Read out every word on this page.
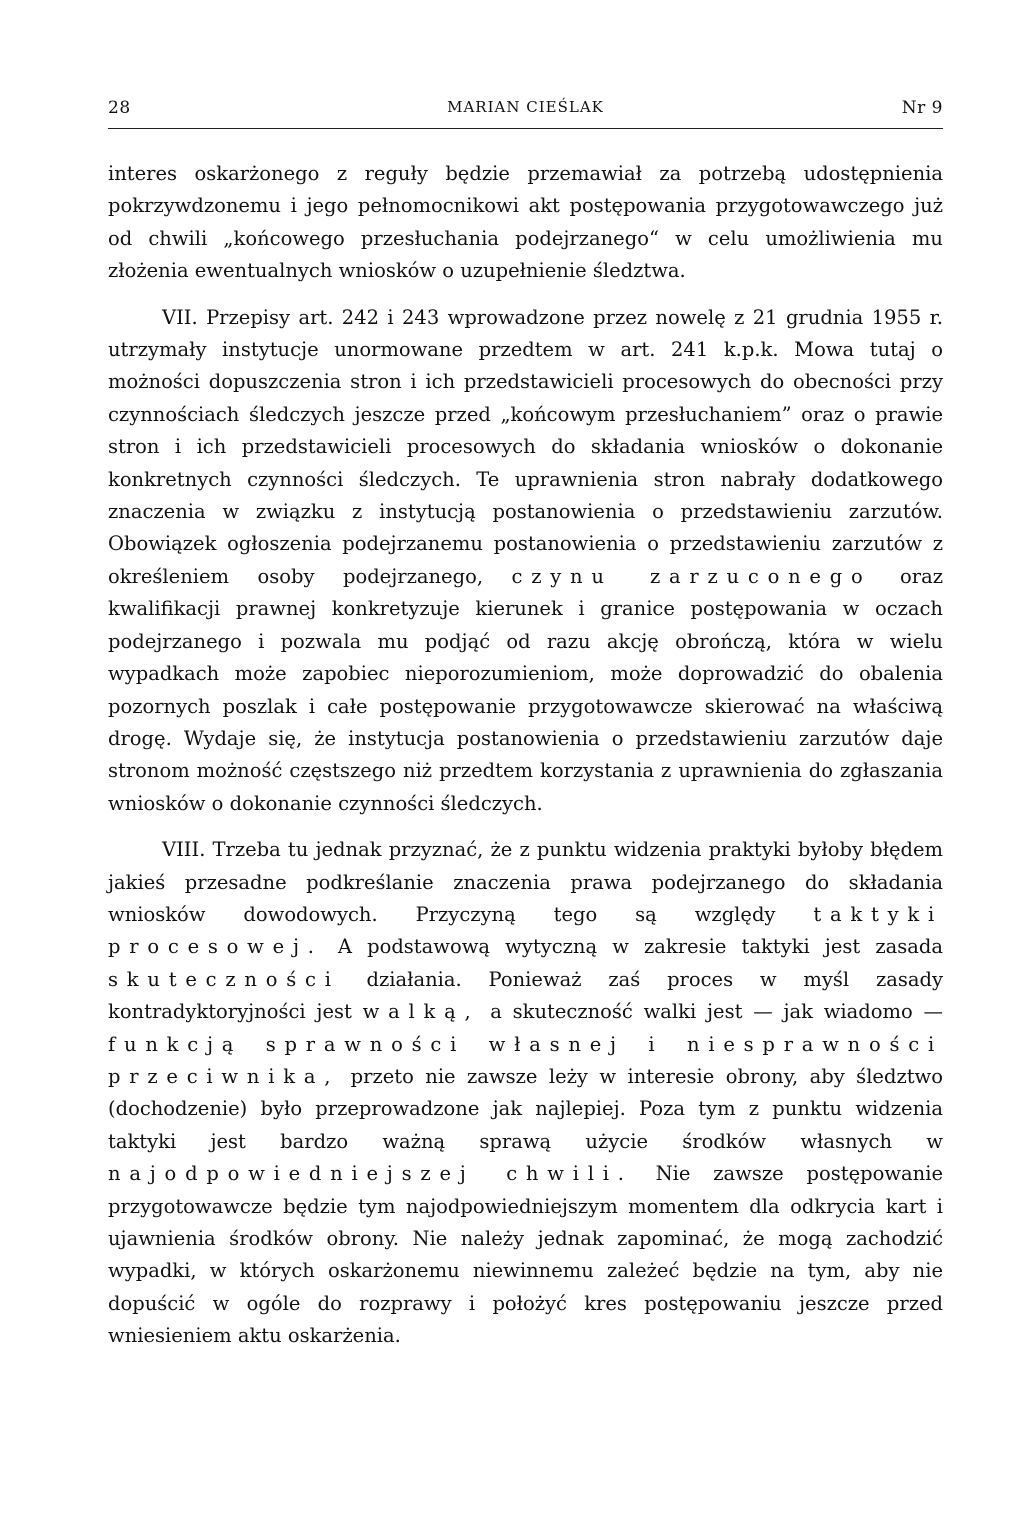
28	MARIAN CIEŚLAK	Nr 9

interes oskarżonego z reguły będzie przemawiał za potrzebą udostępnienia pokrzywdzonemu i jego pełnomocnikowi akt postępowania przygotowawczego już od chwili „końcowego przesłuchania podejrzanego“ w celu umożliwienia mu złożenia ewentualnych wniosków o uzupełnienie śledztwa.

VII. Przepisy art. 242 i 243 wprowadzone przez nowelę z 21 grudnia 1955 r. utrzymały instytucje unormowane przedtem w art. 241 k.p.k. Mowa tutaj o możności dopuszczenia stron i ich przedstawicieli procesowych do obecności przy czynnościach śledczych jeszcze przed „końcowym przesłuchaniem” oraz o prawie stron i ich przedstawicieli procesowych do składania wniosków o dokonanie konkretnych czynności śledczych. Te uprawnienia stron nabrały dodatkowego znaczenia w związku z instytucją postanowienia o przedstawieniu zarzutów. Obowiązek ogłoszenia podejrzanemu postanowienia o przedstawieniu zarzutów z określeniem osoby podejrzanego, czynu zarzuconego oraz kwalifikacji prawnej konkretyzuje kierunek i granice postępowania w oczach podejrzanego i pozwala mu podjąć od razu akcję obrończą, która w wielu wypadkach może zapobiec nieporozumieniom, może doprowadzić do obalenia pozornych poszlak i całe postępowanie przygotowawcze skierować na właściwą drogę. Wydaje się, że instytucja postanowienia o przedstawieniu zarzutów daje stronom możność częstszego niż przedtem korzystania z uprawnienia do zgłaszania wniosków o dokonanie czynności śledczych.

VIII. Trzeba tu jednak przyznać, że z punktu widzenia praktyki byłoby błędem jakieś przesadne podkreślanie znaczenia prawa podejrzanego do składania wniosków dowodowych. Przyczyną tego są względy taktyki procesowej. A podstawową wytyczną w zakresie taktyki jest zasada skuteczności działania. Ponieważ zaś proces w myśl zasady kontradyktoryjności jest walką, a skuteczność walki jest — jak wiadomo — funkcją sprawności własnej i niesprawności przeciwnika, przeto nie zawsze leży w interesie obrony, aby śledztwo (dochodzenie) było przeprowadzone jak najlepiej. Poza tym z punktu widzenia taktyki jest bardzo ważną sprawą użycie środków własnych w najodpowiedniejszej chwili. Nie zawsze postępowanie przygotowawcze będzie tym najodpowiedniejszym momentem dla odkrycia kart i ujawnienia środków obrony. Nie należy jednak zapominać, że mogą zachodzić wypadki, w których oskarżonemu niewinnemu zależeć będzie na tym, aby nie dopuścić w ogóle do rozprawy i położyć kres postępowaniu jeszcze przed wniesieniem aktu oskarżenia.
